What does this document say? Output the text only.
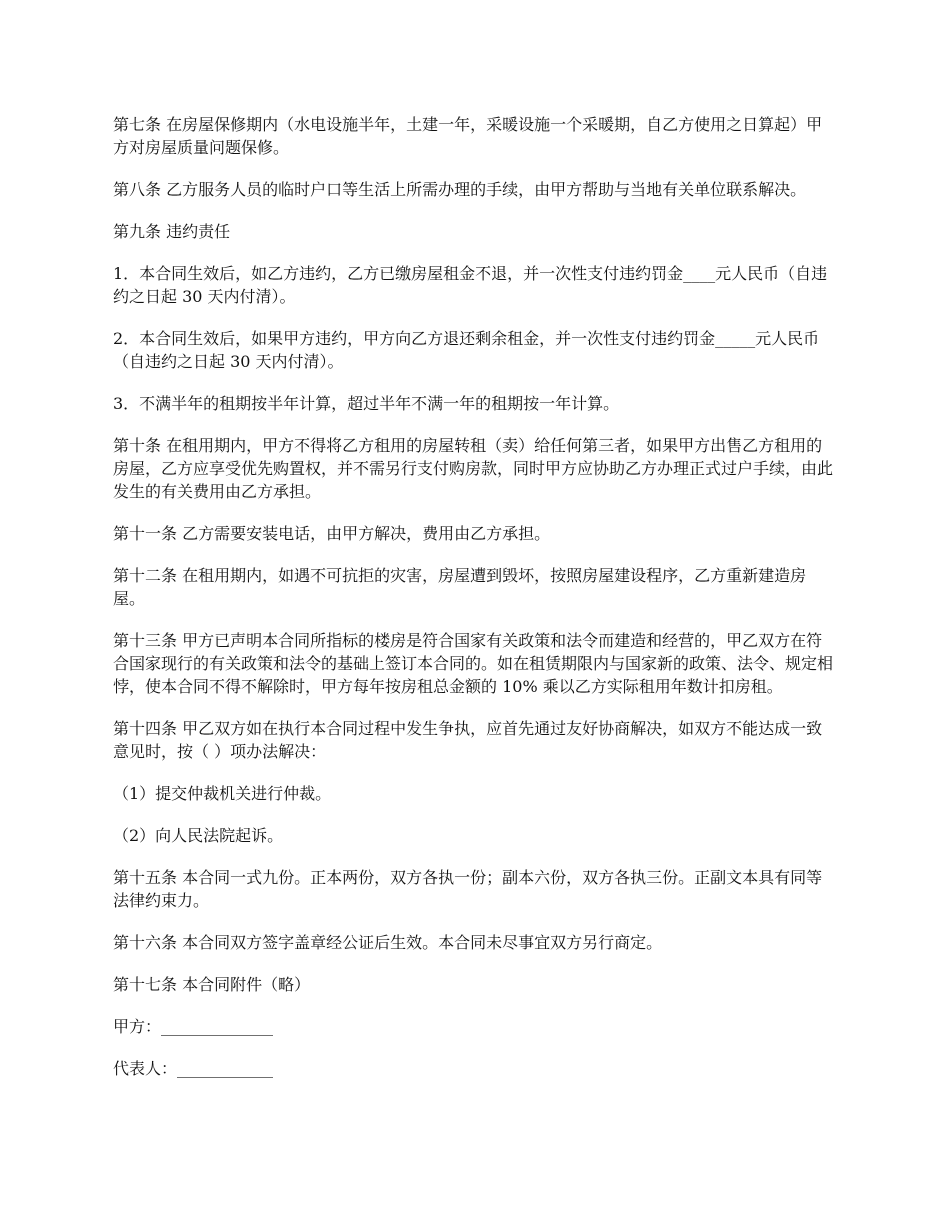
第七条 在房屋保修期内（水电设施半年，土建一年，采暖设施一个采暖期，自乙方使用之日算起）甲方对房屋质量问题保修。

第八条 乙方服务人员的临时户口等生活上所需办理的手续，由甲方帮助与当地有关单位联系解决。

第九条 违约责任

1．本合同生效后，如乙方违约，乙方已缴房屋租金不退，并一次性支付违约罚金____元人民币（自违约之日起 30 天内付清）。

2．本合同生效后，如果甲方违约，甲方向乙方退还剩余租金，并一次性支付违约罚金_____元人民币（自违约之日起 30 天内付清）。

3．不满半年的租期按半年计算，超过半年不满一年的租期按一年计算。

第十条 在租用期内，甲方不得将乙方租用的房屋转租（卖）给任何第三者，如果甲方出售乙方租用的房屋，乙方应享受优先购置权，并不需另行支付购房款，同时甲方应协助乙方办理正式过户手续，由此发生的有关费用由乙方承担。

第十一条 乙方需要安装电话，由甲方解决，费用由乙方承担。

第十二条 在租用期内，如遇不可抗拒的灾害，房屋遭到毁坏，按照房屋建设程序，乙方重新建造房屋。

第十三条 甲方已声明本合同所指标的楼房是符合国家有关政策和法令而建造和经营的，甲乙双方在符合国家现行的有关政策和法令的基础上签订本合同的。如在租赁期限内与国家新的政策、法令、规定相悖，使本合同不得不解除时，甲方每年按房租总金额的 10% 乘以乙方实际租用年数计扣房租。

第十四条 甲乙双方如在执行本合同过程中发生争执，应首先通过友好协商解决，如双方不能达成一致意见时，按（ ）项办法解决：

（1）提交仲裁机关进行仲裁。

（2）向人民法院起诉。

第十五条 本合同一式九份。正本两份，双方各执一份；副本六份，双方各执三份。正副文本具有同等法律约束力。

第十六条 本合同双方签字盖章经公证后生效。本合同未尽事宜双方另行商定。

第十七条 本合同附件（略）

甲方：______________

代表人：____________
